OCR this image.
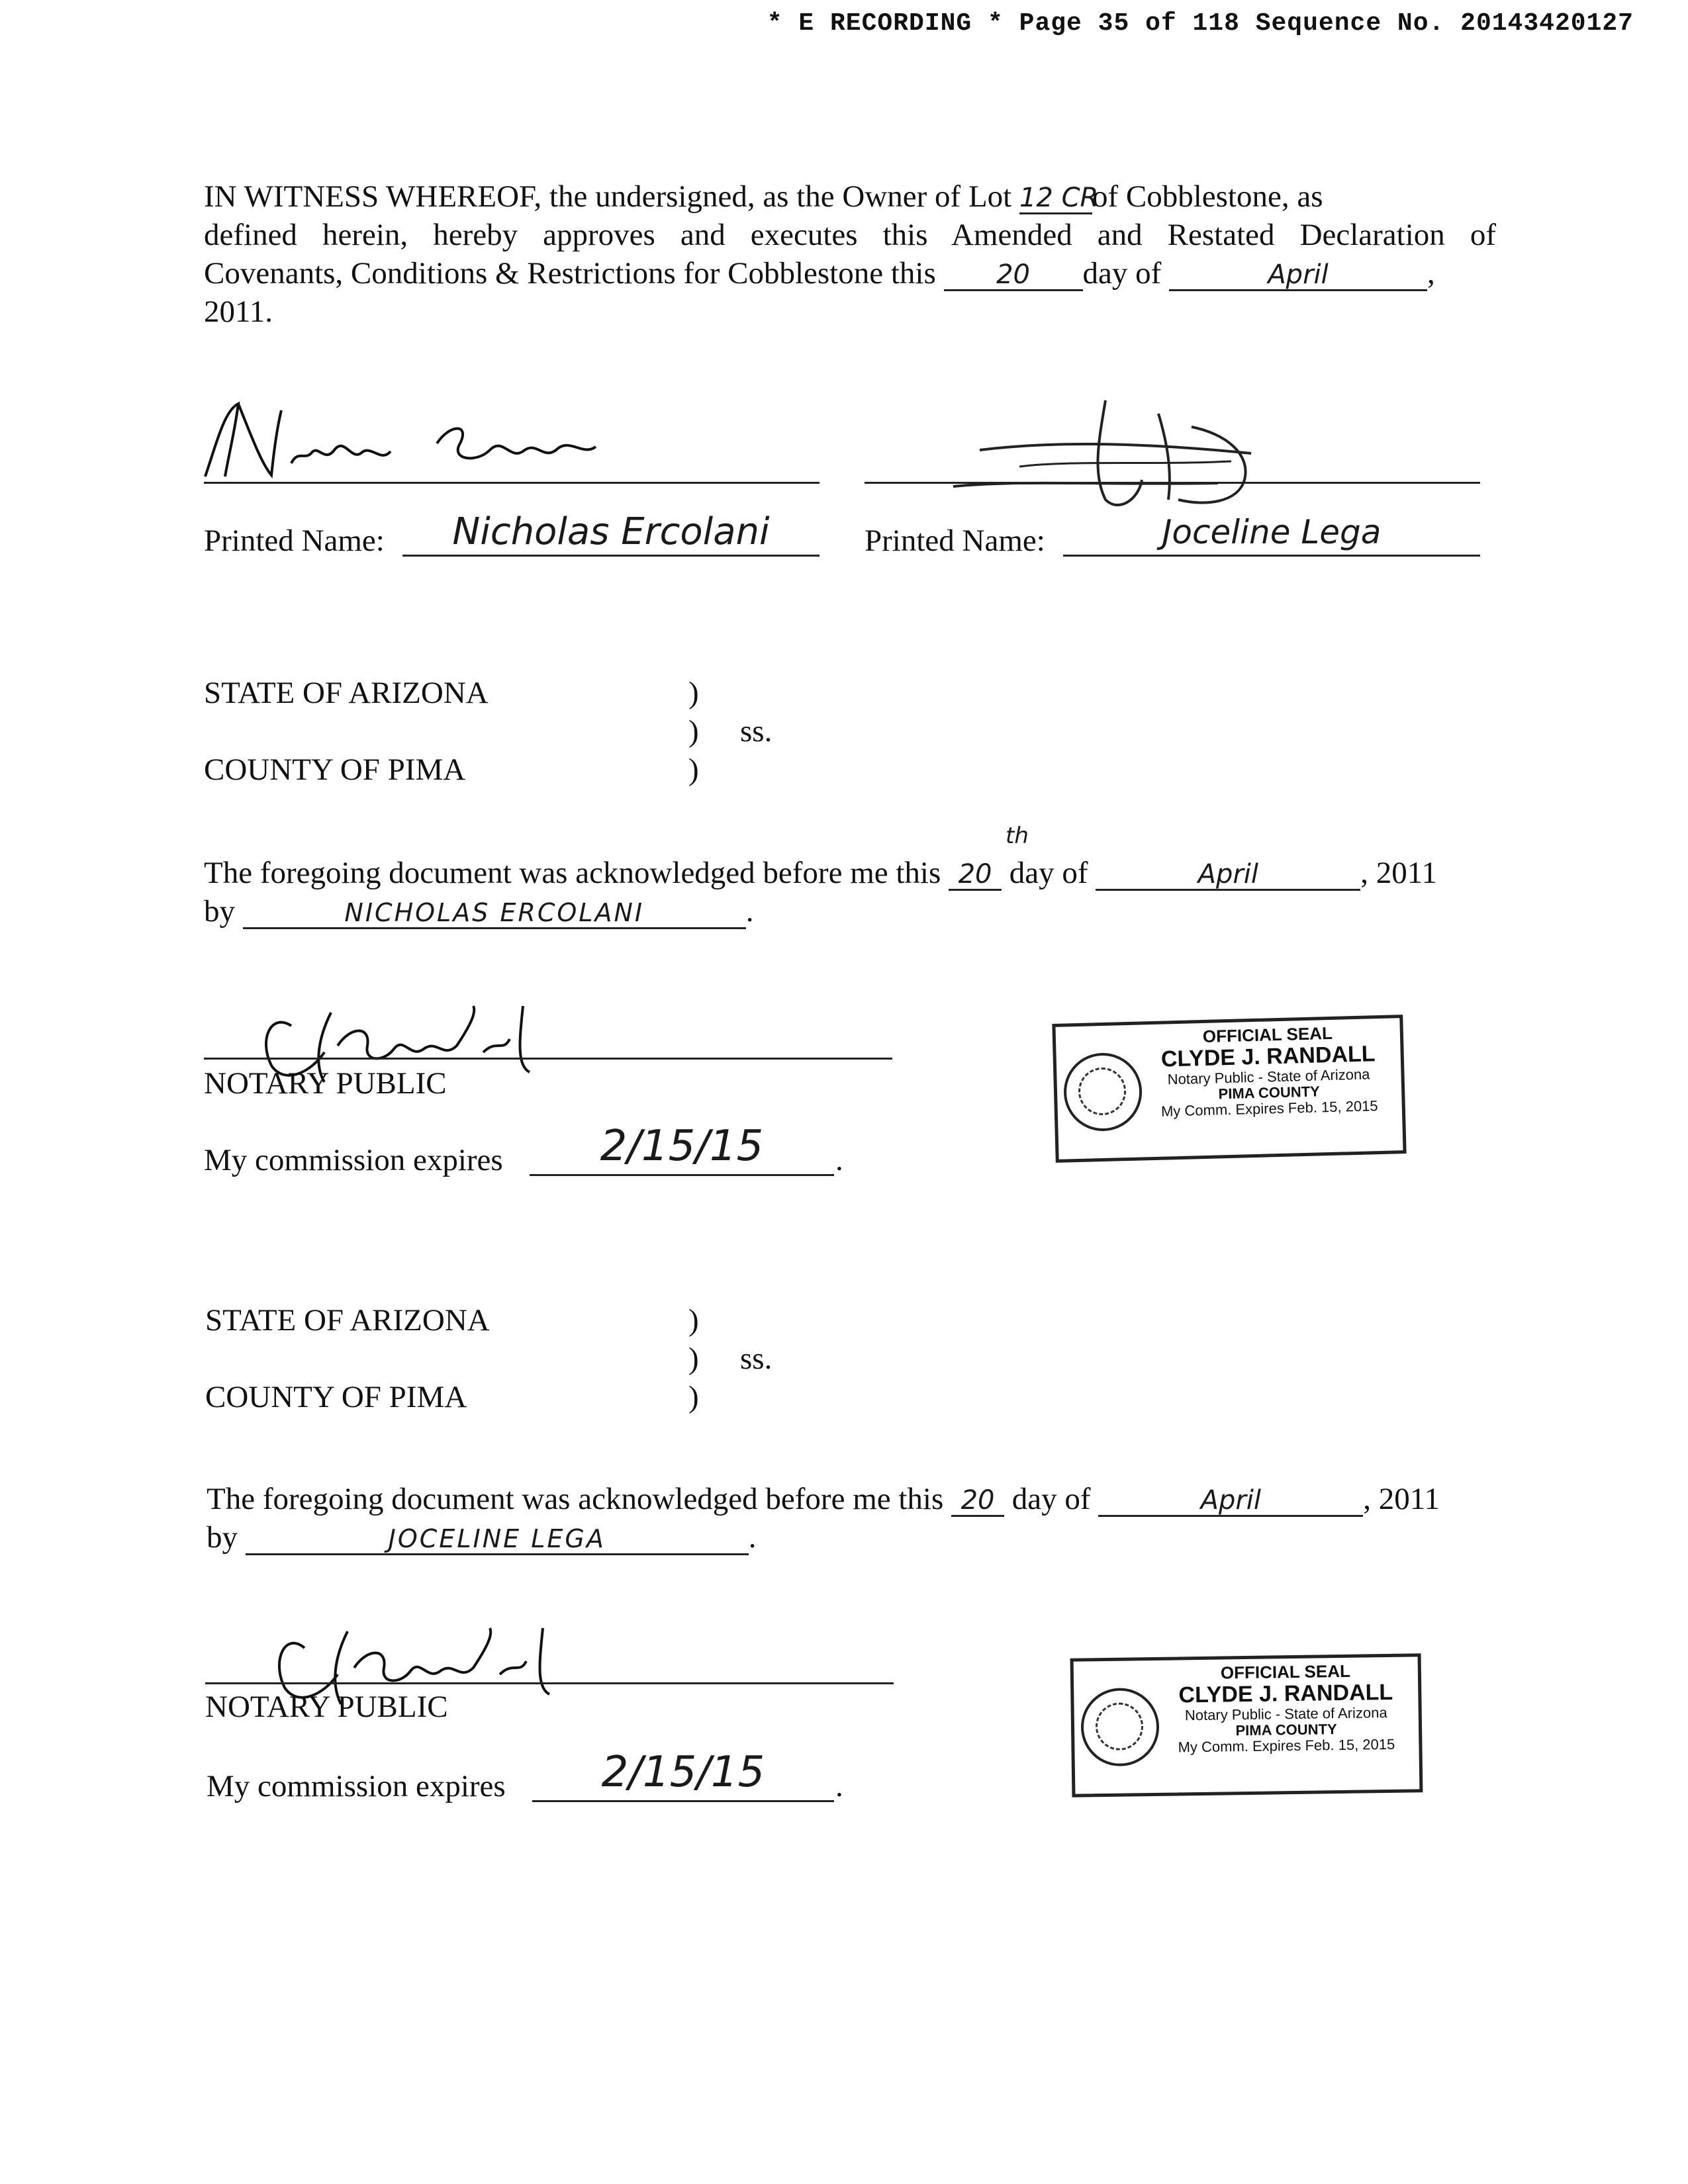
* E RECORDING * Page 35 of 118 Sequence No. 20143420127
IN WITNESS WHEREOF, the undersigned, as the Owner of Lot 12 CRof Cobblestone, as
defined herein, hereby approves and executes this Amended and Restated Declaration of
Covenants, Conditions & Restrictions for Cobblestone this 20 day of	April	,
2011.
Printed Name:	Nicholas Ercolani	Printed Name:	Joceline Lega
STATE OF ARIZONA	)
) ss.
COUNTY OF PIMA	)
The foregoing document was acknowledged before me this 20
th
day of	April	, 2011
by	NICHOLAS ERCOLANI	.
NOTARY PUBLIC
My commission expires	2/15/15	.
OFFICIAL SEAL
CLYDE J. RANDALL
Notary Public - State of Arizona
PIMA COUNTY
My Comm. Expires Feb. 15, 2015
STATE OF ARIZONA	)
) ss.
COUNTY OF PIMA	)
The foregoing document was acknowledged before me this 20 day of	April	, 2011
by	JOCELINE LEGA	.
NOTARY PUBLIC
My commission expires	2/15/15	.
OFFICIAL SEAL
CLYDE J. RANDALL
Notary Public - State of Arizona
PIMA COUNTY
My Comm. Expires Feb. 15, 2015
